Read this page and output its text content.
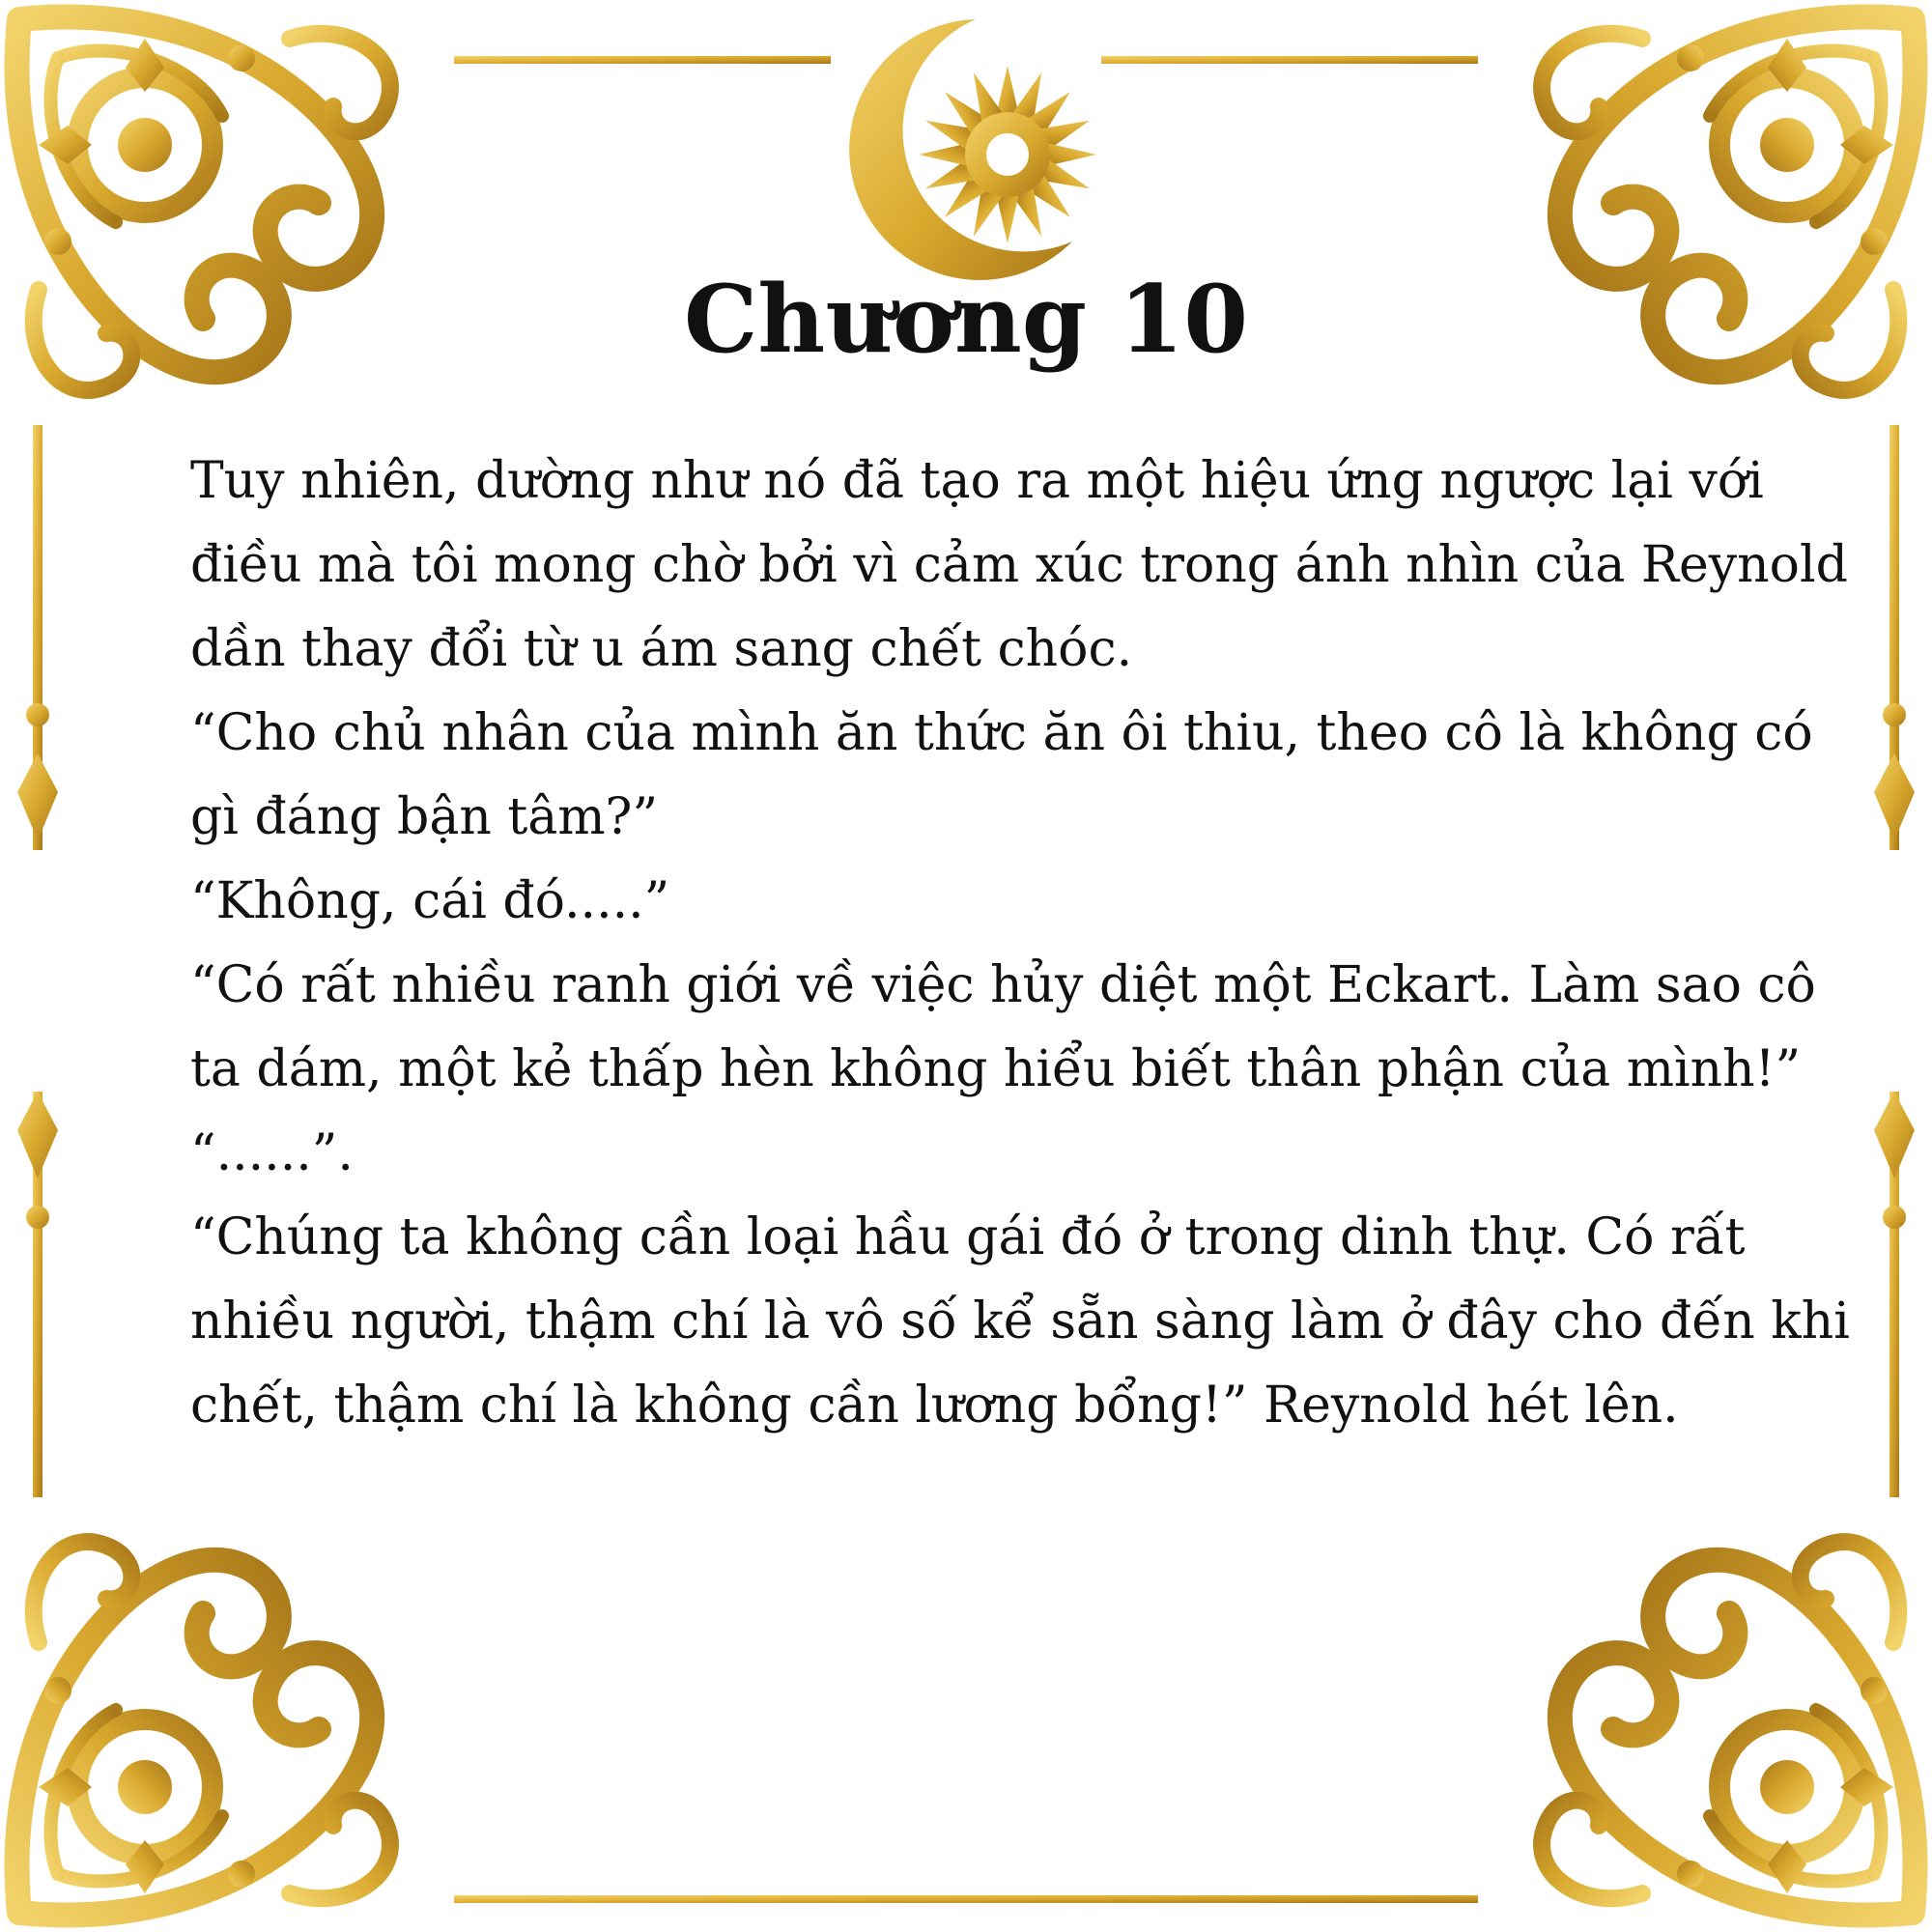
Chương 10

Tuy nhiên, dường như nó đã tạo ra một hiệu ứng ngược lại với điều mà tôi mong chờ bởi vì cảm xúc trong ánh nhìn của Reynold dần thay đổi từ u ám sang chết chóc.

“Cho chủ nhân của mình ăn thức ăn ôi thiu, theo cô là không có gì đáng bận tâm?”

“Không, cái đó.....”

“Có rất nhiều ranh giới về việc hủy diệt một Eckart. Làm sao cô ta dám, một kẻ thấp hèn không hiểu biết thân phận của mình!”

“......”.

“Chúng ta không cần loại hầu gái đó ở trong dinh thự. Có rất nhiều người, thậm chí là vô số kể sẵn sàng làm ở đây cho đến khi chết, thậm chí là không cần lương bổng!” Reynold hét lên.
